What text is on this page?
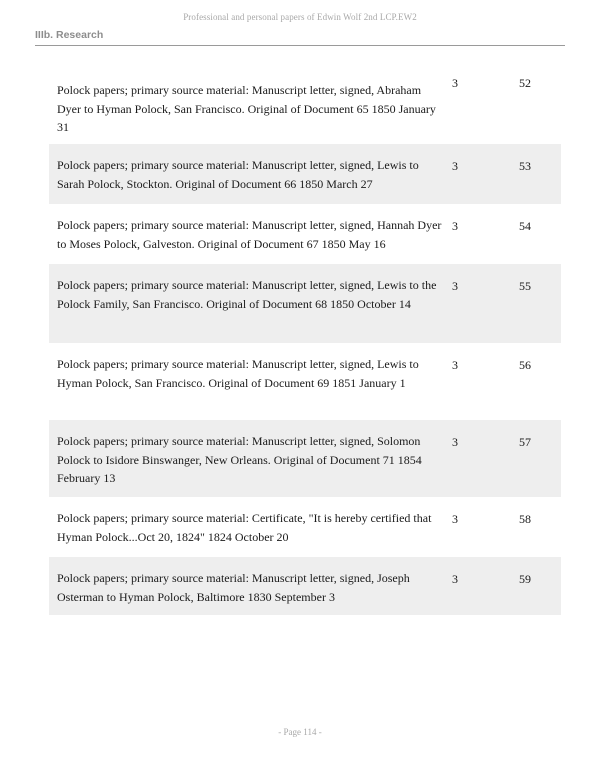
Professional and personal papers of Edwin Wolf 2nd LCP.EW2
IIIb. Research
Polock papers; primary source material: Manuscript letter, signed, Abraham Dyer to Hyman Polock, San Francisco. Original of Document 65 1850 January 31
3	52
Polock papers; primary source material: Manuscript letter, signed, Lewis to Sarah Polock, Stockton. Original of Document 66 1850 March 27
3	53
Polock papers; primary source material: Manuscript letter, signed, Hannah Dyer to Moses Polock, Galveston. Original of Document 67 1850 May 16
3	54
Polock papers; primary source material: Manuscript letter, signed, Lewis to the Polock Family, San Francisco. Original of Document 68 1850 October 14
3	55
Polock papers; primary source material: Manuscript letter, signed, Lewis to Hyman Polock, San Francisco. Original of Document 69 1851 January 1
3	56
Polock papers; primary source material: Manuscript letter, signed, Solomon Polock to Isidore Binswanger, New Orleans. Original of Document 71 1854 February 13
3	57
Polock papers; primary source material: Certificate, "It is hereby certified that Hyman Polock...Oct 20, 1824" 1824 October 20
3	58
Polock papers; primary source material: Manuscript letter, signed, Joseph Osterman to Hyman Polock, Baltimore 1830 September 3
3	59
- Page 114 -
